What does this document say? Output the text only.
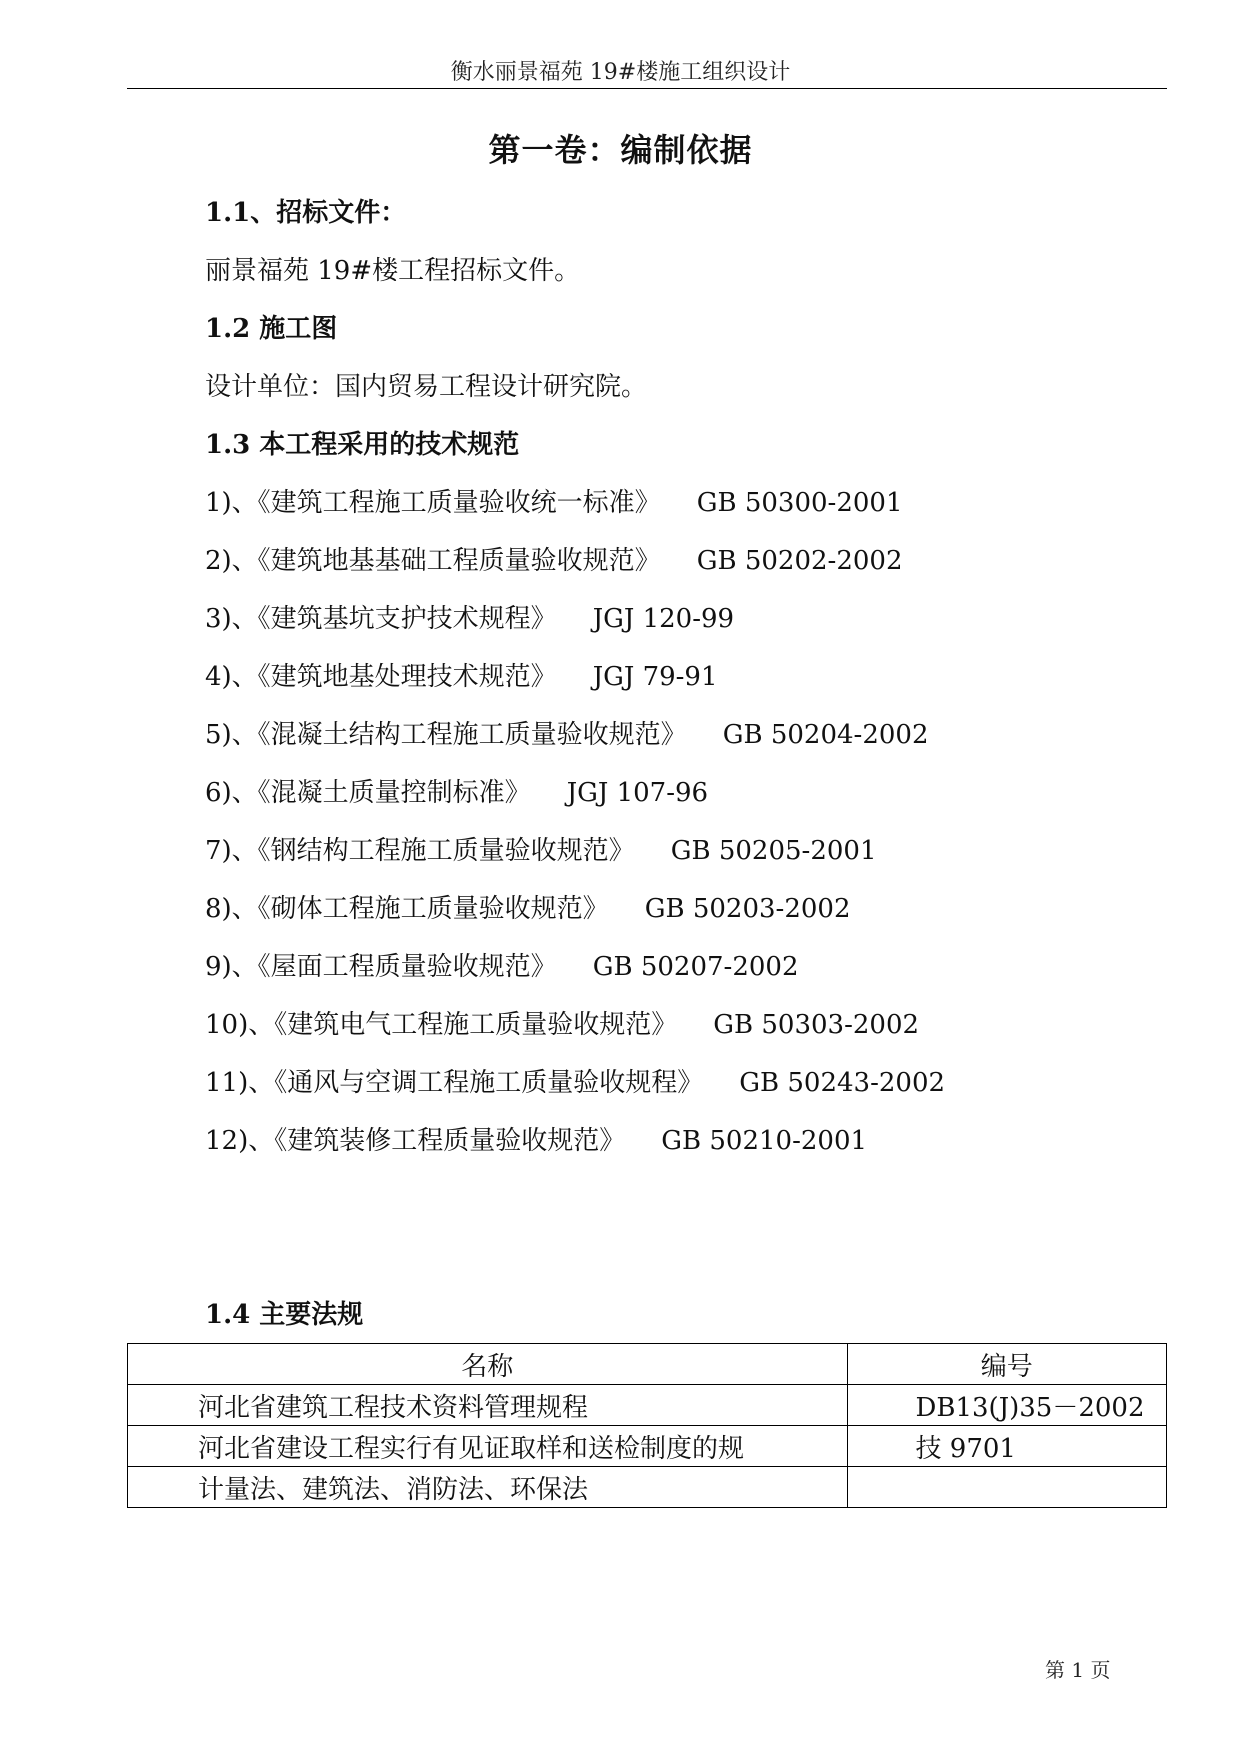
衡水丽景福苑 19#楼施工组织设计
第一卷：编制依据
1.1、招标文件：
丽景福苑 19#楼工程招标文件。
1.2 施工图
设计单位：国内贸易工程设计研究院。
1.3 本工程采用的技术规范
1)、《建筑工程施工质量验收统一标准》 GB 50300-2001
2)、《建筑地基基础工程质量验收规范》 GB 50202-2002
3)、《建筑基坑支护技术规程》 JGJ 120-99
4)、《建筑地基处理技术规范》 JGJ 79-91
5)、《混凝土结构工程施工质量验收规范》 GB 50204-2002
6)、《混凝土质量控制标准》 JGJ 107-96
7)、《钢结构工程施工质量验收规范》 GB 50205-2001
8)、《砌体工程施工质量验收规范》 GB 50203-2002
9)、《屋面工程质量验收规范》 GB 50207-2002
10)、《建筑电气工程施工质量验收规范》 GB 50303-2002
11)、《通风与空调工程施工质量验收规程》 GB 50243-2002
12)、《建筑装修工程质量验收规范》 GB 50210-2001
1.4 主要法规
名称	编号
河北省建筑工程技术资料管理规程	DB13(J)35－2002
河北省建设工程实行有见证取样和送检制度的规	技 9701
计量法、建筑法、消防法、环保法	
第 1 页
